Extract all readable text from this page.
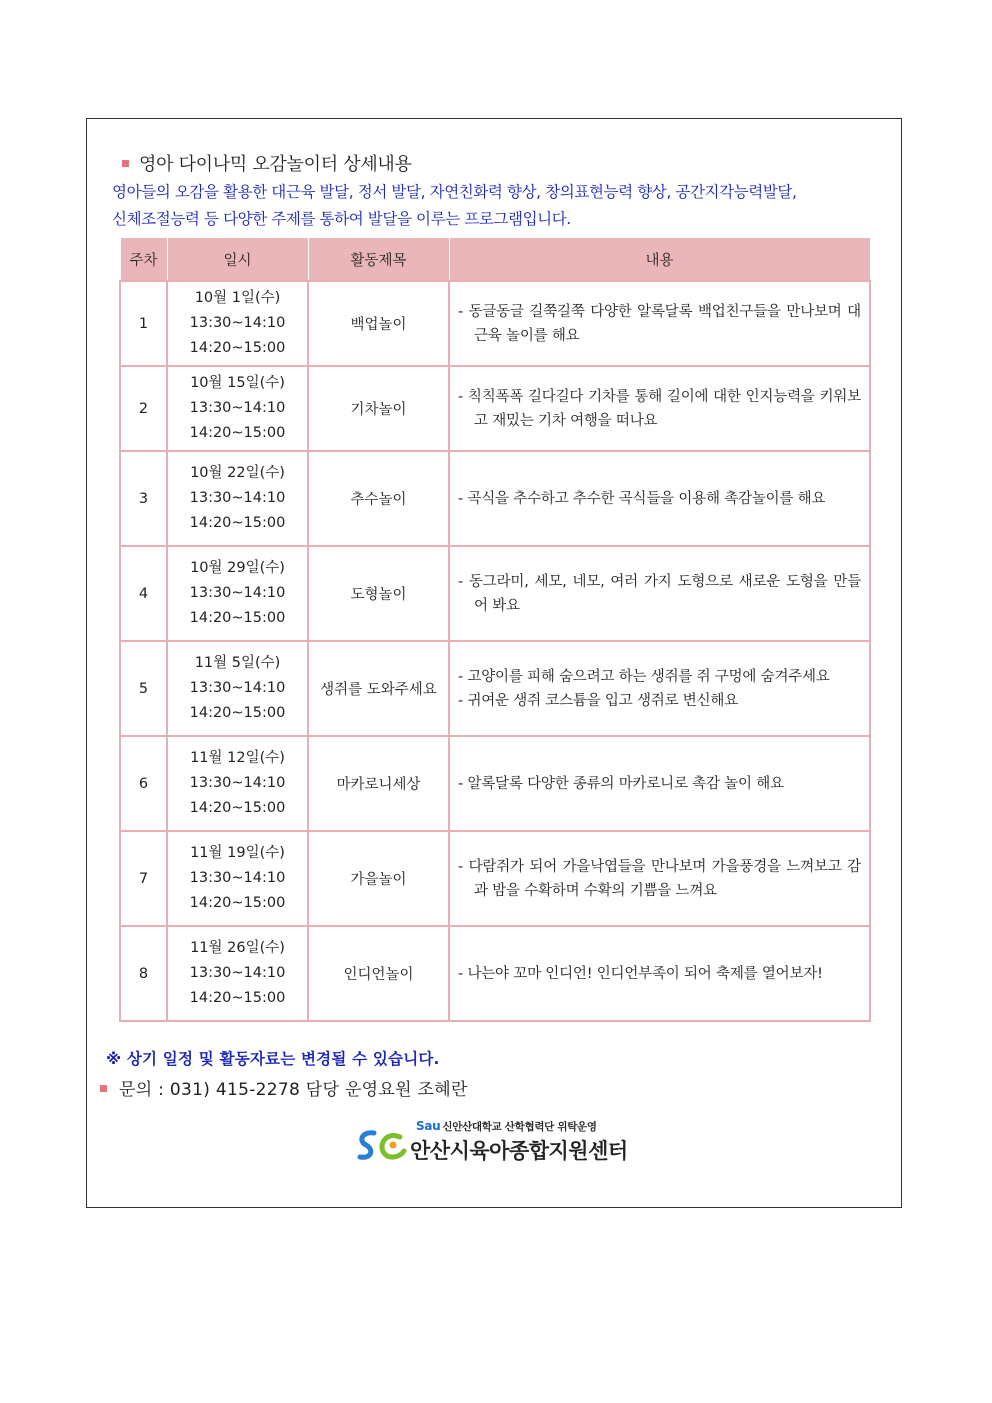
영아 다이나믹 오감놀이터 상세내용
영아들의 오감을 활용한 대근육 발달, 정서 발달, 자연친화력 향상, 창의표현능력 향상, 공간지각능력발달,
신체조절능력 등 다양한 주제를 통하여 발달을 이루는 프로그램입니다.
주차	일시	활동제목	내용
1	10월 1일(수)
13:30~14:10
14:20~15:00	백업놀이	- 동글동글 길쭉길쭉 다양한 알록달록 백업친구들을 만나보며 대근육 놀이를 해요

2	10월 15일(수)
13:30~14:10
14:20~15:00	기차놀이	- 칙칙폭폭 길다길다 기차를 통해 길이에 대한 인지능력을 키워보고 재밌는 기차 여행을 떠나요

3	10월 22일(수)
13:30~14:10
14:20~15:00	추수놀이	- 곡식을 추수하고 추수한 곡식들을 이용해 촉감놀이를 해요

4	10월 29일(수)
13:30~14:10
14:20~15:00	도형놀이	- 동그라미, 세모, 네모, 여러 가지 도형으로 새로운 도형을 만들어 봐요

5	11월 5일(수)
13:30~14:10
14:20~15:00	생쥐를 도와주세요	- 고양이를 피해 숨으려고 하는 생쥐를 쥐 구멍에 숨겨주세요
- 귀여운 생쥐 코스튬을 입고 생쥐로 변신해요

6	11월 12일(수)
13:30~14:10
14:20~15:00	마카로니세상	- 알록달록 다양한 종류의 마카로니로 촉감 놀이 해요

7	11월 19일(수)
13:30~14:10
14:20~15:00	가을놀이	- 다람쥐가 되어 가을낙엽들을 만나보며 가을풍경을 느껴보고 감과 밤을 수확하며 수확의 기쁨을 느껴요

8	11월 26일(수)
13:30~14:10
14:20~15:00	인디언놀이	- 나는야 꼬마 인디언! 인디언부족이 되어 축제를 열어보자!
※ 상기 일정 및 활동자료는 변경될 수 있습니다.
문의 : 031) 415-2278 담당 운영요원 조혜란
Sau 신안산대학교 산학협력단 위탁운영
안산시육아종합지원센터
